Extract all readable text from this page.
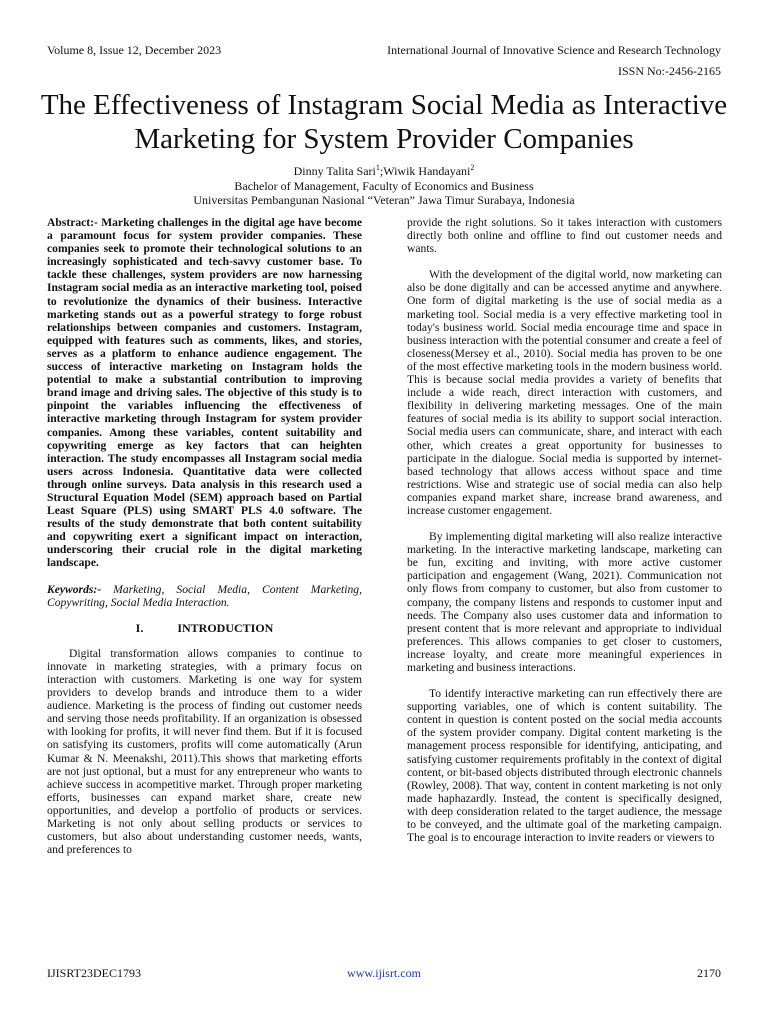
Volume 8, Issue 12, December 2023	International Journal of Innovative Science and Research Technology
ISSN No:-2456-2165
The Effectiveness of Instagram Social Media as Interactive Marketing for System Provider Companies
Dinny Talita Sari$^1$;Wiwik Handayani$^2$
Bachelor of Management, Faculty of Economics and Business
Universitas Pembangunan Nasional “Veteran” Jawa Timur Surabaya, Indonesia

Abstract:- Marketing challenges in the digital age have become a paramount focus for system provider companies. These companies seek to promote their technological solutions to an increasingly sophisticated and tech-savvy customer base. To tackle these challenges, system providers are now harnessing Instagram social media as an interactive marketing tool, poised to revolutionize the dynamics of their business. Interactive marketing stands out as a powerful strategy to forge robust relationships between companies and customers. Instagram, equipped with features such as comments, likes, and stories, serves as a platform to enhance audience engagement. The success of interactive marketing on Instagram holds the potential to make a substantial contribution to improving brand image and driving sales. The objective of this study is to pinpoint the variables influencing the effectiveness of interactive marketing through Instagram for system provider companies. Among these variables, content suitability and copywriting emerge as key factors that can heighten interaction. The study encompasses all Instagram social media users across Indonesia. Quantitative data were collected through online surveys. Data analysis in this research used a Structural Equation Model (SEM) approach based on Partial Least Square (PLS) using SMART PLS 4.0 software. The results of the study demonstrate that both content suitability and copywriting exert a significant impact on interaction, underscoring their crucial role in the digital marketing landscape.

Keywords:- Marketing, Social Media, Content Marketing, Copywriting, Social Media Interaction.

I.	INTRODUCTION

Digital transformation allows companies to continue to innovate in marketing strategies, with a primary focus on interaction with customers. Marketing is one way for system providers to develop brands and introduce them to a wider audience. Marketing is the process of finding out customer needs and serving those needs profitability. If an organization is obsessed with looking for profits, it will never find them. But if it is focused on satisfying its customers, profits will come automatically (Arun Kumar & N. Meenakshi, 2011).This shows that marketing efforts are not just optional, but a must for any entrepreneur who wants to achieve success in acompetitive market. Through proper marketing efforts, businesses can expand market share, create new opportunities, and develop a portfolio of products or services. Marketing is not only about selling products or services to customers, but also about understanding customer needs, wants, and preferences to

provide the right solutions. So it takes interaction with customers directly both online and offline to find out customer needs and wants.

With the development of the digital world, now marketing can also be done digitally and can be accessed anytime and anywhere. One form of digital marketing is the use of social media as a marketing tool. Social media is a very effective marketing tool in today's business world. Social media encourage time and space in business interaction with the potential consumer and create a feel of closeness(Mersey et al., 2010). Social media has proven to be one of the most effective marketing tools in the modern business world. This is because social media provides a variety of benefits that include a wide reach, direct interaction with customers, and flexibility in delivering marketing messages. One of the main features of social media is its ability to support social interaction. Social media users can communicate, share, and interact with each other, which creates a great opportunity for businesses to participate in the dialogue. Social media is supported by internet-based technology that allows access without space and time restrictions. Wise and strategic use of social media can also help companies expand market share, increase brand awareness, and increase customer engagement.

By implementing digital marketing will also realize interactive marketing. In the interactive marketing landscape, marketing can be fun, exciting and inviting, with more active customer participation and engagement (Wang, 2021). Communication not only flows from company to customer, but also from customer to company, the company listens and responds to customer input and needs. The Company also uses customer data and information to present content that is more relevant and appropriate to individual preferences. This allows companies to get closer to customers, increase loyalty, and create more meaningful experiences in marketing and business interactions.

To identify interactive marketing can run effectively there are supporting variables, one of which is content suitability. The content in question is content posted on the social media accounts of the system provider company. Digital content marketing is the management process responsible for identifying, anticipating, and satisfying customer requirements profitably in the context of digital content, or bit-based objects distributed through electronic channels (Rowley, 2008). That way, content in content marketing is not only made haphazardly. Instead, the content is specifically designed, with deep consideration related to the target audience, the message to be conveyed, and the ultimate goal of the marketing campaign. The goal is to encourage interaction to invite readers or viewers to

IJISRT23DEC1793	www.ijisrt.com	2170
